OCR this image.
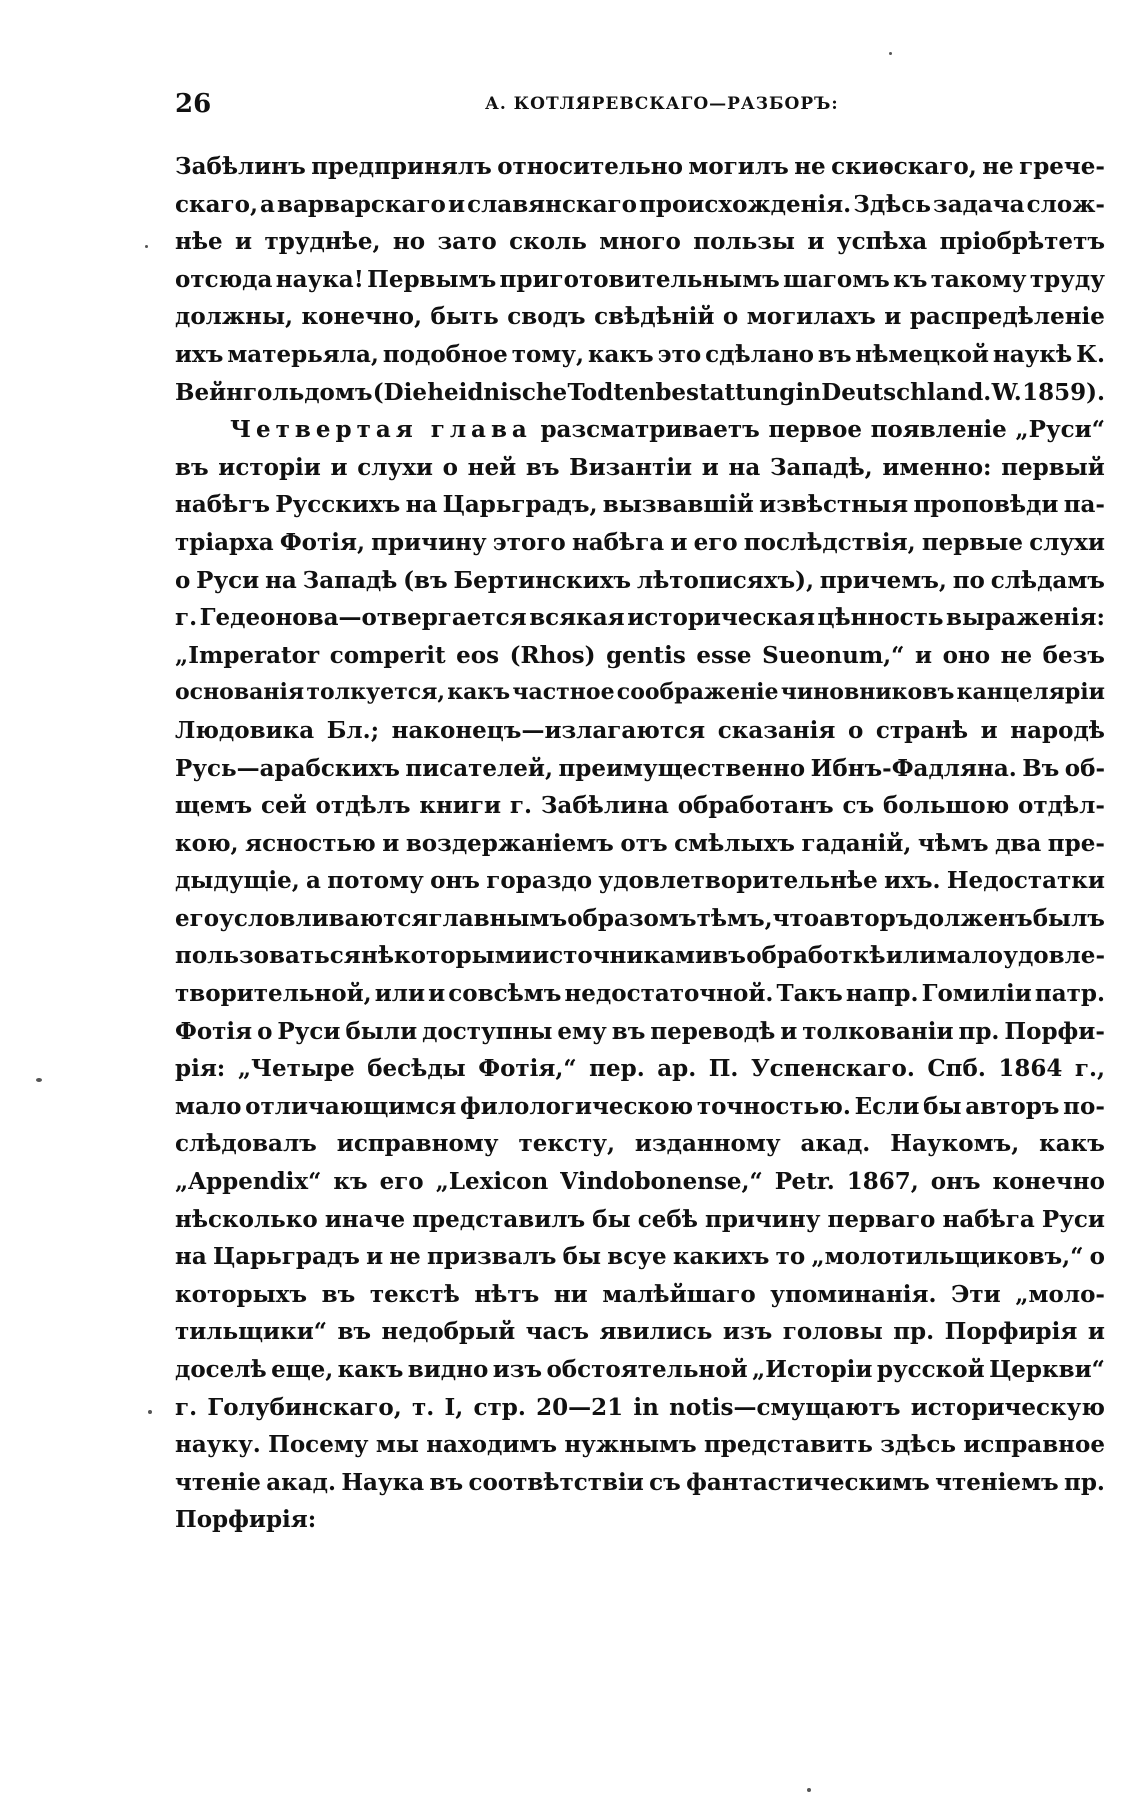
26	А. КОТЛЯРЕВСКАГО—РАЗБОРЪ:
Забѣлинъ предпринялъ относительно могилъ не скиѳскаго, не грече-
скаго, а варварскаго и славянскаго происхожденія. Здѣсь задача слож-
нѣе и труднѣе, но зато сколь много пользы и успѣха пріобрѣтетъ
отсюда наука! Первымъ приготовительнымъ шагомъ къ такому труду
должны, конечно, быть сводъ свѣдѣній о могилахъ и распредѣленіе
ихъ матерьяла, подобное тому, какъ это сдѣлано въ нѣмецкой наукѣ К.
Вейнгольдомъ (Die heidnische Todtenbestattung in Deutschland. W. 1859).
Четвертая глава разсматриваетъ первое появленіе „Руси“
въ исторіи и слухи о ней въ Византіи и на Западѣ, именно: первый
набѣгъ Русскихъ на Царьградъ, вызвавшій извѣстныя проповѣди па-
тріарха Фотія, причину этого набѣга и его послѣдствія, первые слухи
о Руси на Западѣ (въ Бертинскихъ лѣтописяхъ), причемъ, по слѣдамъ
г. Гедеонова—отвергается всякая историческая цѣнность выраженія:
„Imperator comperit eos (Rhos) gentis esse Sueonum,“ и оно не безъ
основанія толкуется, какъ частное соображеніе чиновниковъ канцеляріи
Людовика Бл.; наконецъ—излагаются сказанія о странѣ и народѣ
Русь—арабскихъ писателей, преимущественно Ибнъ-Фадляна. Въ об-
щемъ сей отдѣлъ книги г. Забѣлина обработанъ съ большою отдѣл-
кою, ясностью и воздержаніемъ отъ смѣлыхъ гаданій, чѣмъ два пре-
дыдущіе, а потому онъ гораздо удовлетворительнѣе ихъ. Недостатки
его условливаются главнымъ образомъ тѣмъ, что авторъ долженъ былъ
пользоваться нѣкоторыми источниками въ обработкѣ или мало удовле-
творительной, или и совсѣмъ недостаточной. Такъ напр. Гомиліи патр.
Фотія о Руси были доступны ему въ переводѣ и толкованіи пр. Порфи-
рія: „Четыре бесѣды Фотія,“ пер. ар. П. Успенскаго. Спб. 1864 г.,
мало отличающимся филологическою точностью. Если бы авторъ по-
слѣдовалъ исправному тексту, изданному акад. Наукомъ, какъ
„Appendix“ къ его „Lexicon Vindobonense,“ Petr. 1867, онъ конечно
нѣсколько иначе представилъ бы себѣ причину перваго набѣга Руси
на Царьградъ и не призвалъ бы всуе какихъ то „молотильщиковъ,“ о
которыхъ въ текстѣ нѣтъ ни малѣйшаго упоминанія. Эти „моло-
тильщики“ въ недобрый часъ явились изъ головы пр. Порфирія и
доселѣ еще, какъ видно изъ обстоятельной „Исторіи русской Церкви“
г. Голубинскаго, т. I, стр. 20—21 in notis—смущаютъ историческую
науку. Посему мы находимъ нужнымъ представить здѣсь исправное
чтеніе акад. Наука въ соотвѣтствіи съ фантастическимъ чтеніемъ пр.
Порфирія:
